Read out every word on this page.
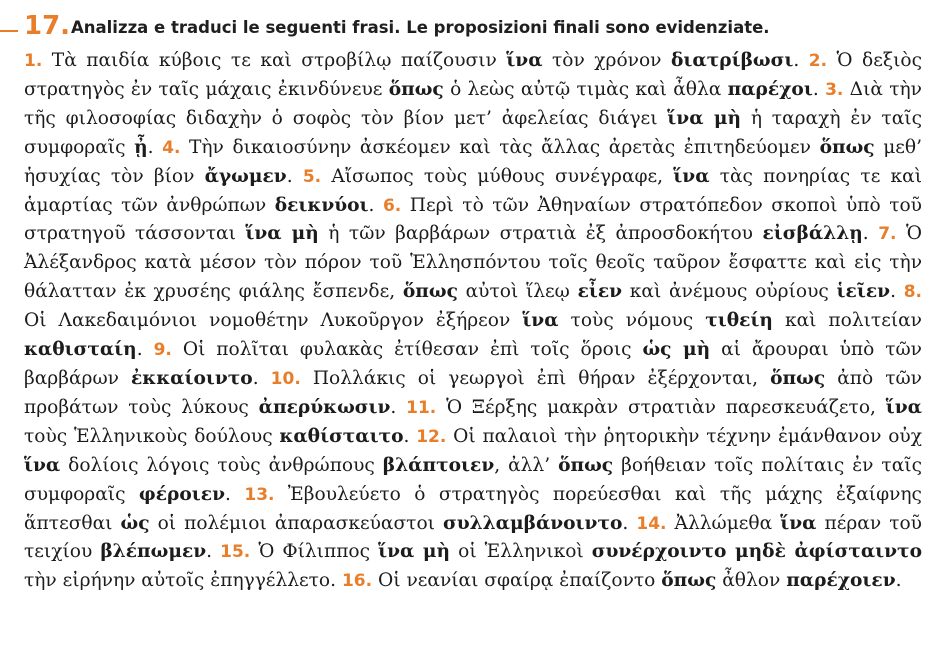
17. Analizza e traduci le seguenti frasi. Le proposizioni finali sono evidenziate.
1. Τὰ παιδία κύβοις τε καὶ στροβίλῳ παίζουσιν ἵνα τὸν χρόνον διατρίβωσι. 2. Ὁ δεξιὸς στρατηγὸς ἐν ταῖς μάχαις ἐκινδύνευε ὅπως ὁ λεὼς αὐτῷ τιμὰς καὶ ἆθλα παρέχοι. 3. Διὰ τὴν τῆς φιλοσοφίας διδαχὴν ὁ σοφὸς τὸν βίον μετ’ ἀφελείας διάγει ἵνα μὴ ἡ ταραχὴ ἐν ταῖς συμφοραῖς ᾖ. 4. Τὴν δικαιοσύνην ἀσκέομεν καὶ τὰς ἄλλας ἀρετὰς ἐπιτηδεύομεν ὅπως μεθ’ ἡσυχίας τὸν βίον ἄγωμεν. 5. Αἴσωπος τοὺς μύθους συνέγραφε, ἵνα τὰς πονηρίας τε καὶ ἁμαρτίας τῶν ἀνθρώπων δεικνύοι. 6. Περὶ τὸ τῶν Ἀθηναίων στρατόπεδον σκοποὶ ὑπὸ τοῦ στρατηγοῦ τάσσονται ἵνα μὴ ἡ τῶν βαρβάρων στρατιὰ ἐξ ἀπροσδοκήτου εἰσβάλλῃ. 7. Ὁ Ἀλέξανδρος κατὰ μέσον τὸν πόρον τοῦ Ἑλλησπόντου τοῖς θεοῖς ταῦρον ἔσφαττε καὶ εἰς τὴν θάλατταν ἐκ χρυσέης φιάλης ἔσπενδε, ὅπως αὐτοὶ ἵλεῳ εἶεν καὶ ἀνέμους οὐρίους ἱεῖεν. 8. Οἱ Λακεδαιμόνιοι νομοθέτην Λυκοῦργον ἐξήρεον ἵνα τοὺς νόμους τιθείη καὶ πολιτείαν καθισταίη. 9. Οἱ πολῖται φυλακὰς ἐτίθεσαν ἐπὶ τοῖς ὅροις ὡς μὴ αἱ ἄρουραι ὑπὸ τῶν βαρβάρων ἐκκαίοιντο. 10. Πολλάκις οἱ γεωργοὶ ἐπὶ θήραν ἐξέρχονται, ὅπως ἀπὸ τῶν προβάτων τοὺς λύκους ἀπερύκωσιν. 11. Ὁ Ξέρξης μακρὰν στρατιὰν παρεσκευάζετο, ἵνα τοὺς Ἑλληνικοὺς δούλους καθίσταιτο. 12. Οἱ παλαιοὶ τὴν ῥητορικὴν τέχνην ἐμάνθανον οὐχ ἵνα δολίοις λόγοις τοὺς ἀνθρώπους βλάπτοιεν, ἀλλ’ ὅπως βοήθειαν τοῖς πολίταις ἐν ταῖς συμφοραῖς φέροιεν. 13. Ἐβουλεύετο ὁ στρατηγὸς πορεύεσθαι καὶ τῆς μάχης ἐξαίφνης ἅπτεσθαι ὡς οἱ πολέμιοι ἀπαρασκεύαστοι συλλαμβάνοιντο. 14. Ἀλλώμεθα ἵνα πέραν τοῦ τειχίου βλέπωμεν. 15. Ὁ Φίλιππος ἵνα μὴ οἱ Ἑλληνικοὶ συνέρχοιντο μηδὲ ἀφίσταιντο τὴν εἰρήνην αὐτοῖς ἐπηγγέλλετο. 16. Οἱ νεανίαι σφαίρᾳ ἐπαίζοντο ὅπως ἆθλον παρέχοιεν.
